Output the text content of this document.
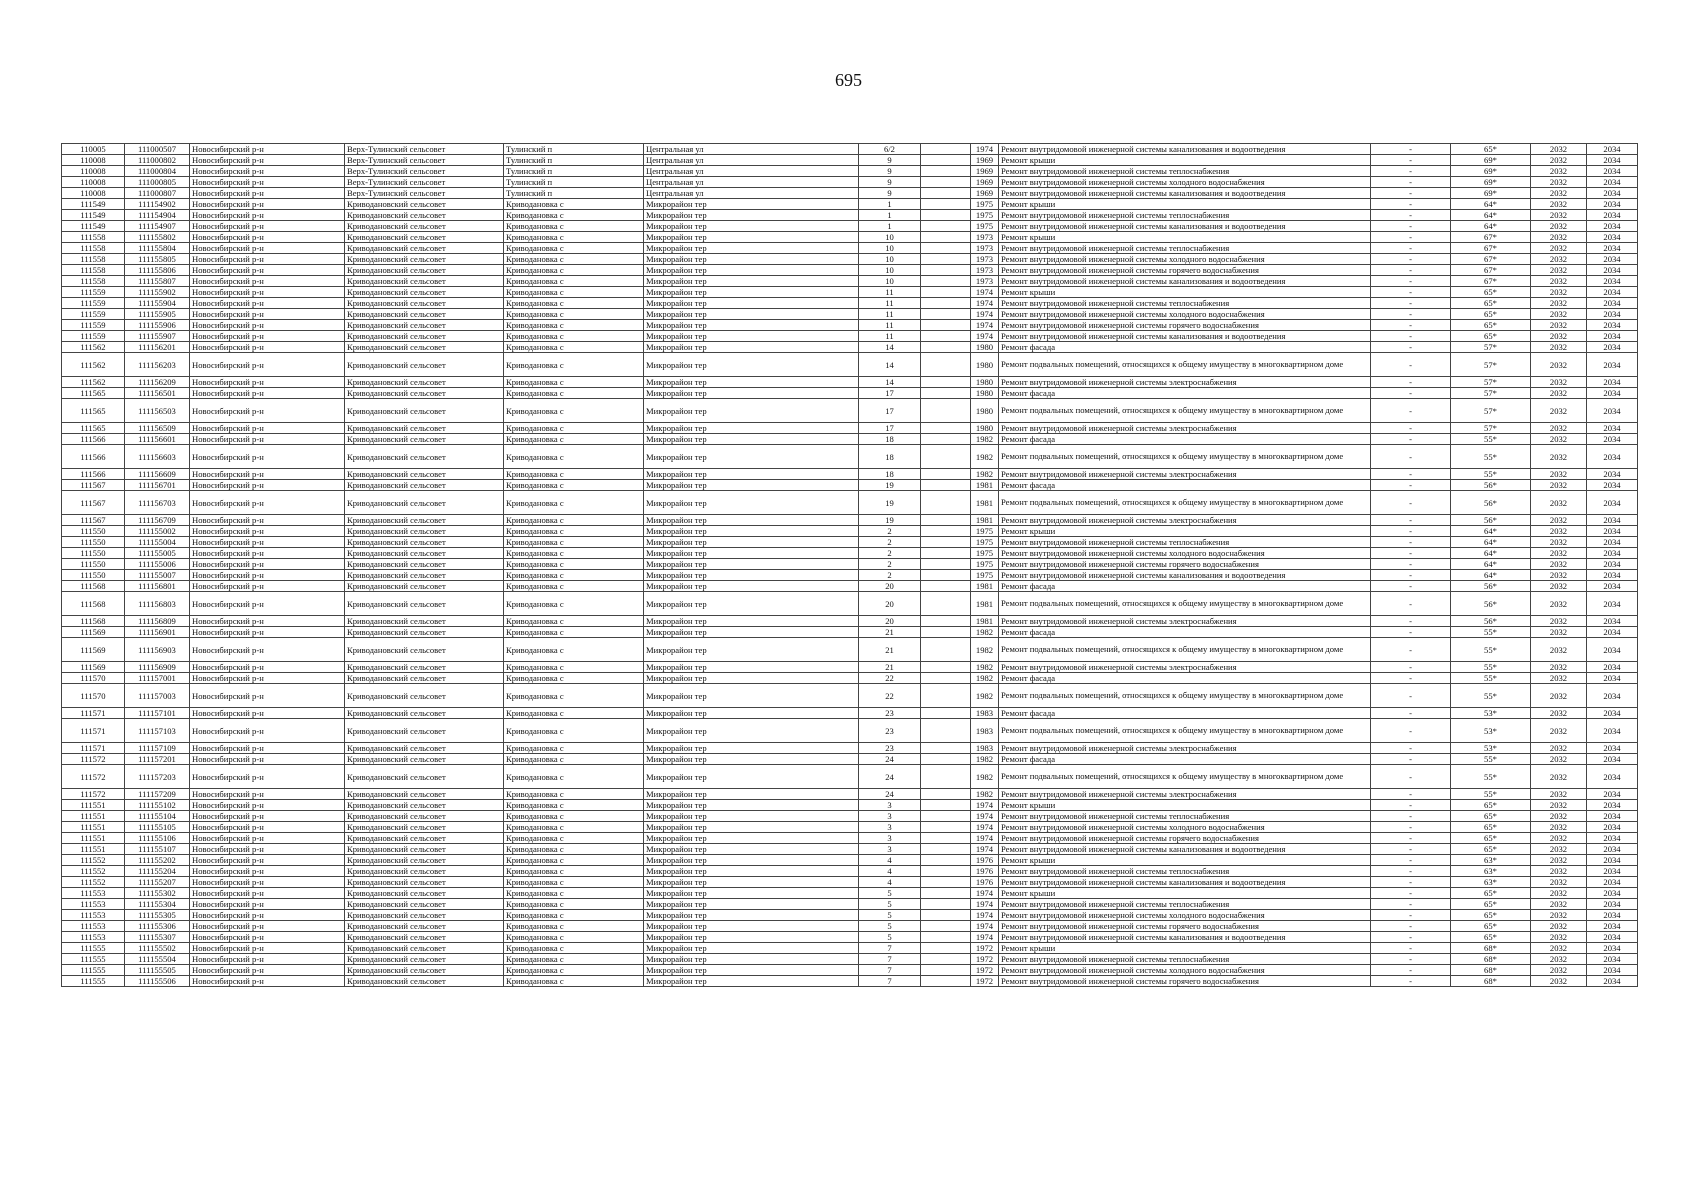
695
110005	111000507	Новосибирский р-н	Верх-Тулинский сельсовет	Тулинский п	Центральная ул	6/2		1974	Ремонт внутридомовой инженерной системы канализования и водоотведения	-	65*	2032	2034
110008	111000802	Новосибирский р-н	Верх-Тулинский сельсовет	Тулинский п	Центральная ул	9		1969	Ремонт крыши	-	69*	2032	2034
110008	111000804	Новосибирский р-н	Верх-Тулинский сельсовет	Тулинский п	Центральная ул	9		1969	Ремонт внутридомовой инженерной системы теплоснабжения	-	69*	2032	2034
110008	111000805	Новосибирский р-н	Верх-Тулинский сельсовет	Тулинский п	Центральная ул	9		1969	Ремонт внутридомовой инженерной системы холодного водоснабжения	-	69*	2032	2034
110008	111000807	Новосибирский р-н	Верх-Тулинский сельсовет	Тулинский п	Центральная ул	9		1969	Ремонт внутридомовой инженерной системы канализования и водоотведения	-	69*	2032	2034
111549	111154902	Новосибирский р-н	Криводановский сельсовет	Криводановка с	Микрорайон тер	1		1975	Ремонт крыши	-	64*	2032	2034
111549	111154904	Новосибирский р-н	Криводановский сельсовет	Криводановка с	Микрорайон тер	1		1975	Ремонт внутридомовой инженерной системы теплоснабжения	-	64*	2032	2034
111549	111154907	Новосибирский р-н	Криводановский сельсовет	Криводановка с	Микрорайон тер	1		1975	Ремонт внутридомовой инженерной системы канализования и водоотведения	-	64*	2032	2034
111558	111155802	Новосибирский р-н	Криводановский сельсовет	Криводановка с	Микрорайон тер	10		1973	Ремонт крыши	-	67*	2032	2034
111558	111155804	Новосибирский р-н	Криводановский сельсовет	Криводановка с	Микрорайон тер	10		1973	Ремонт внутридомовой инженерной системы теплоснабжения	-	67*	2032	2034
111558	111155805	Новосибирский р-н	Криводановский сельсовет	Криводановка с	Микрорайон тер	10		1973	Ремонт внутридомовой инженерной системы холодного водоснабжения	-	67*	2032	2034
111558	111155806	Новосибирский р-н	Криводановский сельсовет	Криводановка с	Микрорайон тер	10		1973	Ремонт внутридомовой инженерной системы горячего водоснабжения	-	67*	2032	2034
111558	111155807	Новосибирский р-н	Криводановский сельсовет	Криводановка с	Микрорайон тер	10		1973	Ремонт внутридомовой инженерной системы канализования и водоотведения	-	67*	2032	2034
111559	111155902	Новосибирский р-н	Криводановский сельсовет	Криводановка с	Микрорайон тер	11		1974	Ремонт крыши	-	65*	2032	2034
111559	111155904	Новосибирский р-н	Криводановский сельсовет	Криводановка с	Микрорайон тер	11		1974	Ремонт внутридомовой инженерной системы теплоснабжения	-	65*	2032	2034
111559	111155905	Новосибирский р-н	Криводановский сельсовет	Криводановка с	Микрорайон тер	11		1974	Ремонт внутридомовой инженерной системы холодного водоснабжения	-	65*	2032	2034
111559	111155906	Новосибирский р-н	Криводановский сельсовет	Криводановка с	Микрорайон тер	11		1974	Ремонт внутридомовой инженерной системы горячего водоснабжения	-	65*	2032	2034
111559	111155907	Новосибирский р-н	Криводановский сельсовет	Криводановка с	Микрорайон тер	11		1974	Ремонт внутридомовой инженерной системы канализования и водоотведения	-	65*	2032	2034
111562	111156201	Новосибирский р-н	Криводановский сельсовет	Криводановка с	Микрорайон тер	14		1980	Ремонт фасада	-	57*	2032	2034
111562	111156203	Новосибирский р-н	Криводановский сельсовет	Криводановка с	Микрорайон тер	14		1980	Ремонт подвальных помещений, относящихся к общему имуществу в многоквартирном доме	-	57*	2032	2034
111562	111156209	Новосибирский р-н	Криводановский сельсовет	Криводановка с	Микрорайон тер	14		1980	Ремонт внутридомовой инженерной системы электроснабжения	-	57*	2032	2034
111565	111156501	Новосибирский р-н	Криводановский сельсовет	Криводановка с	Микрорайон тер	17		1980	Ремонт фасада	-	57*	2032	2034
111565	111156503	Новосибирский р-н	Криводановский сельсовет	Криводановка с	Микрорайон тер	17		1980	Ремонт подвальных помещений, относящихся к общему имуществу в многоквартирном доме	-	57*	2032	2034
111565	111156509	Новосибирский р-н	Криводановский сельсовет	Криводановка с	Микрорайон тер	17		1980	Ремонт внутридомовой инженерной системы электроснабжения	-	57*	2032	2034
111566	111156601	Новосибирский р-н	Криводановский сельсовет	Криводановка с	Микрорайон тер	18		1982	Ремонт фасада	-	55*	2032	2034
111566	111156603	Новосибирский р-н	Криводановский сельсовет	Криводановка с	Микрорайон тер	18		1982	Ремонт подвальных помещений, относящихся к общему имуществу в многоквартирном доме	-	55*	2032	2034
111566	111156609	Новосибирский р-н	Криводановский сельсовет	Криводановка с	Микрорайон тер	18		1982	Ремонт внутридомовой инженерной системы электроснабжения	-	55*	2032	2034
111567	111156701	Новосибирский р-н	Криводановский сельсовет	Криводановка с	Микрорайон тер	19		1981	Ремонт фасада	-	56*	2032	2034
111567	111156703	Новосибирский р-н	Криводановский сельсовет	Криводановка с	Микрорайон тер	19		1981	Ремонт подвальных помещений, относящихся к общему имуществу в многоквартирном доме	-	56*	2032	2034
111567	111156709	Новосибирский р-н	Криводановский сельсовет	Криводановка с	Микрорайон тер	19		1981	Ремонт внутридомовой инженерной системы электроснабжения	-	56*	2032	2034
111550	111155002	Новосибирский р-н	Криводановский сельсовет	Криводановка с	Микрорайон тер	2		1975	Ремонт крыши	-	64*	2032	2034
111550	111155004	Новосибирский р-н	Криводановский сельсовет	Криводановка с	Микрорайон тер	2		1975	Ремонт внутридомовой инженерной системы теплоснабжения	-	64*	2032	2034
111550	111155005	Новосибирский р-н	Криводановский сельсовет	Криводановка с	Микрорайон тер	2		1975	Ремонт внутридомовой инженерной системы холодного водоснабжения	-	64*	2032	2034
111550	111155006	Новосибирский р-н	Криводановский сельсовет	Криводановка с	Микрорайон тер	2		1975	Ремонт внутридомовой инженерной системы горячего водоснабжения	-	64*	2032	2034
111550	111155007	Новосибирский р-н	Криводановский сельсовет	Криводановка с	Микрорайон тер	2		1975	Ремонт внутридомовой инженерной системы канализования и водоотведения	-	64*	2032	2034
111568	111156801	Новосибирский р-н	Криводановский сельсовет	Криводановка с	Микрорайон тер	20		1981	Ремонт фасада	-	56*	2032	2034
111568	111156803	Новосибирский р-н	Криводановский сельсовет	Криводановка с	Микрорайон тер	20		1981	Ремонт подвальных помещений, относящихся к общему имуществу в многоквартирном доме	-	56*	2032	2034
111568	111156809	Новосибирский р-н	Криводановский сельсовет	Криводановка с	Микрорайон тер	20		1981	Ремонт внутридомовой инженерной системы электроснабжения	-	56*	2032	2034
111569	111156901	Новосибирский р-н	Криводановский сельсовет	Криводановка с	Микрорайон тер	21		1982	Ремонт фасада	-	55*	2032	2034
111569	111156903	Новосибирский р-н	Криводановский сельсовет	Криводановка с	Микрорайон тер	21		1982	Ремонт подвальных помещений, относящихся к общему имуществу в многоквартирном доме	-	55*	2032	2034
111569	111156909	Новосибирский р-н	Криводановский сельсовет	Криводановка с	Микрорайон тер	21		1982	Ремонт внутридомовой инженерной системы электроснабжения	-	55*	2032	2034
111570	111157001	Новосибирский р-н	Криводановский сельсовет	Криводановка с	Микрорайон тер	22		1982	Ремонт фасада	-	55*	2032	2034
111570	111157003	Новосибирский р-н	Криводановский сельсовет	Криводановка с	Микрорайон тер	22		1982	Ремонт подвальных помещений, относящихся к общему имуществу в многоквартирном доме	-	55*	2032	2034
111571	111157101	Новосибирский р-н	Криводановский сельсовет	Криводановка с	Микрорайон тер	23		1983	Ремонт фасада	-	53*	2032	2034
111571	111157103	Новосибирский р-н	Криводановский сельсовет	Криводановка с	Микрорайон тер	23		1983	Ремонт подвальных помещений, относящихся к общему имуществу в многоквартирном доме	-	53*	2032	2034
111571	111157109	Новосибирский р-н	Криводановский сельсовет	Криводановка с	Микрорайон тер	23		1983	Ремонт внутридомовой инженерной системы электроснабжения	-	53*	2032	2034
111572	111157201	Новосибирский р-н	Криводановский сельсовет	Криводановка с	Микрорайон тер	24		1982	Ремонт фасада	-	55*	2032	2034
111572	111157203	Новосибирский р-н	Криводановский сельсовет	Криводановка с	Микрорайон тер	24		1982	Ремонт подвальных помещений, относящихся к общему имуществу в многоквартирном доме	-	55*	2032	2034
111572	111157209	Новосибирский р-н	Криводановский сельсовет	Криводановка с	Микрорайон тер	24		1982	Ремонт внутридомовой инженерной системы электроснабжения	-	55*	2032	2034
111551	111155102	Новосибирский р-н	Криводановский сельсовет	Криводановка с	Микрорайон тер	3		1974	Ремонт крыши	-	65*	2032	2034
111551	111155104	Новосибирский р-н	Криводановский сельсовет	Криводановка с	Микрорайон тер	3		1974	Ремонт внутридомовой инженерной системы теплоснабжения	-	65*	2032	2034
111551	111155105	Новосибирский р-н	Криводановский сельсовет	Криводановка с	Микрорайон тер	3		1974	Ремонт внутридомовой инженерной системы холодного водоснабжения	-	65*	2032	2034
111551	111155106	Новосибирский р-н	Криводановский сельсовет	Криводановка с	Микрорайон тер	3		1974	Ремонт внутридомовой инженерной системы горячего водоснабжения	-	65*	2032	2034
111551	111155107	Новосибирский р-н	Криводановский сельсовет	Криводановка с	Микрорайон тер	3		1974	Ремонт внутридомовой инженерной системы канализования и водоотведения	-	65*	2032	2034
111552	111155202	Новосибирский р-н	Криводановский сельсовет	Криводановка с	Микрорайон тер	4		1976	Ремонт крыши	-	63*	2032	2034
111552	111155204	Новосибирский р-н	Криводановский сельсовет	Криводановка с	Микрорайон тер	4		1976	Ремонт внутридомовой инженерной системы теплоснабжения	-	63*	2032	2034
111552	111155207	Новосибирский р-н	Криводановский сельсовет	Криводановка с	Микрорайон тер	4		1976	Ремонт внутридомовой инженерной системы канализования и водоотведения	-	63*	2032	2034
111553	111155302	Новосибирский р-н	Криводановский сельсовет	Криводановка с	Микрорайон тер	5		1974	Ремонт крыши	-	65*	2032	2034
111553	111155304	Новосибирский р-н	Криводановский сельсовет	Криводановка с	Микрорайон тер	5		1974	Ремонт внутридомовой инженерной системы теплоснабжения	-	65*	2032	2034
111553	111155305	Новосибирский р-н	Криводановский сельсовет	Криводановка с	Микрорайон тер	5		1974	Ремонт внутридомовой инженерной системы холодного водоснабжения	-	65*	2032	2034
111553	111155306	Новосибирский р-н	Криводановский сельсовет	Криводановка с	Микрорайон тер	5		1974	Ремонт внутридомовой инженерной системы горячего водоснабжения	-	65*	2032	2034
111553	111155307	Новосибирский р-н	Криводановский сельсовет	Криводановка с	Микрорайон тер	5		1974	Ремонт внутридомовой инженерной системы канализования и водоотведения	-	65*	2032	2034
111555	111155502	Новосибирский р-н	Криводановский сельсовет	Криводановка с	Микрорайон тер	7		1972	Ремонт крыши	-	68*	2032	2034
111555	111155504	Новосибирский р-н	Криводановский сельсовет	Криводановка с	Микрорайон тер	7		1972	Ремонт внутридомовой инженерной системы теплоснабжения	-	68*	2032	2034
111555	111155505	Новосибирский р-н	Криводановский сельсовет	Криводановка с	Микрорайон тер	7		1972	Ремонт внутридомовой инженерной системы холодного водоснабжения	-	68*	2032	2034
111555	111155506	Новосибирский р-н	Криводановский сельсовет	Криводановка с	Микрорайон тер	7		1972	Ремонт внутридомовой инженерной системы горячего водоснабжения	-	68*	2032	2034
